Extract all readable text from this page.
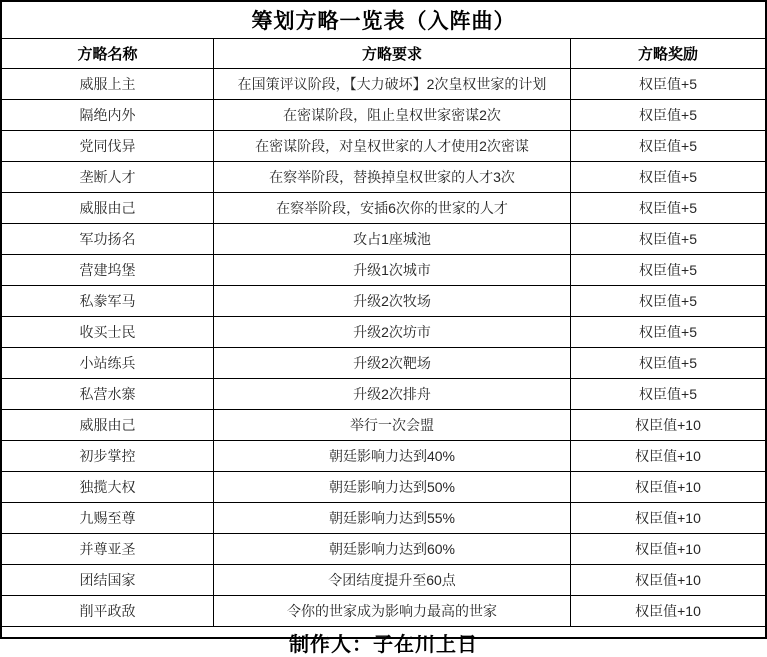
筹划方略一览表（入阵曲）
方略名称	方略要求	方略奖励
威服上主	在国策评议阶段，【大力破坏】2次皇权世家的计划	权臣值+5
隔绝内外	在密谋阶段，阻止皇权世家密谋2次	权臣值+5
党同伐异	在密谋阶段，对皇权世家的人才使用2次密谋	权臣值+5
垄断人才	在察举阶段，替换掉皇权世家的人才3次	权臣值+5
威服由己	在察举阶段，安插6次你的世家的人才	权臣值+5
军功扬名	攻占1座城池	权臣值+5
营建坞堡	升级1次城市	权臣值+5
私豢军马	升级2次牧场	权臣值+5
收买士民	升级2次坊市	权臣值+5
小站练兵	升级2次靶场	权臣值+5
私营水寨	升级2次排舟	权臣值+5
威服由己	举行一次会盟	权臣值+10
初步掌控	朝廷影响力达到40%	权臣值+10
独揽大权	朝廷影响力达到50%	权臣值+10
九赐至尊	朝廷影响力达到55%	权臣值+10
并尊亚圣	朝廷影响力达到60%	权臣值+10
团结国家	令团结度提升至60点	权臣值+10
削平政敌	令你的世家成为影响力最高的世家	权臣值+10
制作人：子在川上日
